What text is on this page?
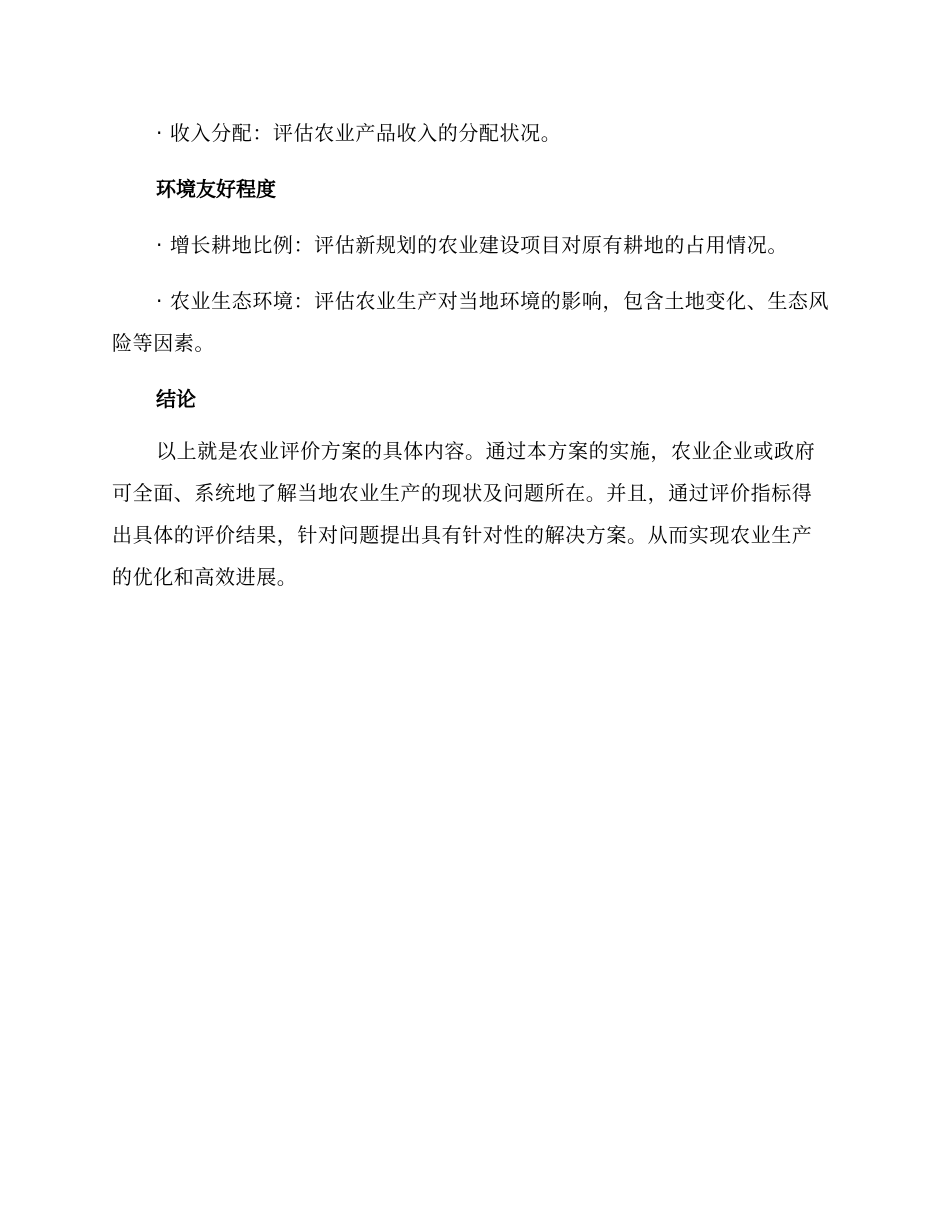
· 收入分配：评估农业产品收入的分配状况。

环境友好程度

· 增长耕地比例：评估新规划的农业建设项目对原有耕地的占用情况。

· 农业生态环境：评估农业生产对当地环境的影响，包含土地变化、生态风险等因素。

结论

以上就是农业评价方案的具体内容。通过本方案的实施，农业企业或政府可全面、系统地了解当地农业生产的现状及问题所在。并且，通过评价指标得出具体的评价结果，针对问题提出具有针对性的解决方案。从而实现农业生产的优化和高效进展。
